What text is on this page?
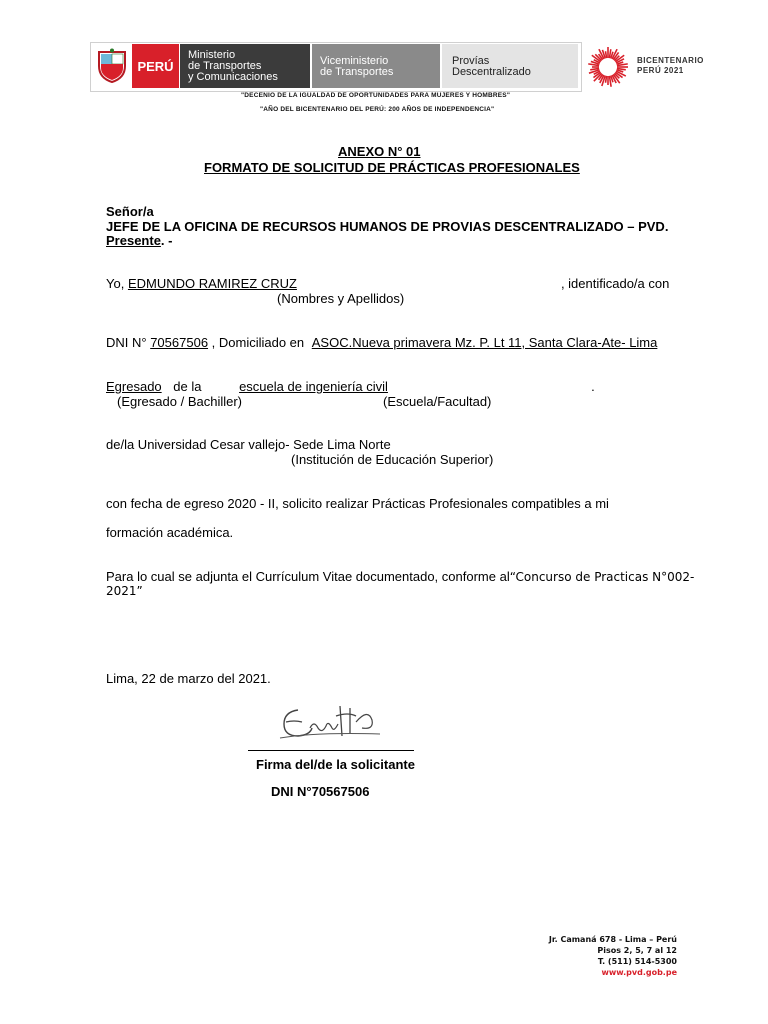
PERÚ
Ministerio
de Transportes
y Comunicaciones
Viceministerio
de Transportes
Provías
Descentralizado
BICENTENARIO
PERÚ 2021
"DECENIO DE LA IGUALDAD DE OPORTUNIDADES PARA MUJERES Y HOMBRES"
"AÑO DEL BICENTENARIO DEL PERÚ: 200 AÑOS DE INDEPENDENCIA"
ANEXO N° 01
FORMATO DE SOLICITUD DE PRÁCTICAS PROFESIONALES
Señor/a
JEFE DE LA OFICINA DE RECURSOS HUMANOS DE PROVIAS DESCENTRALIZADO – PVD.
Presente. -
Yo, EDMUNDO RAMIREZ CRUZ	, identificado/a con
(Nombres y Apellidos)
DNI N° 70567506 , Domiciliado en ASOC.Nueva primavera Mz. P. Lt 11, Santa Clara-Ate- Lima
Egresado de la	escuela de ingeniería civil	.
(Egresado / Bachiller)	(Escuela/Facultad)
de/la Universidad Cesar vallejo- Sede Lima Norte
(Institución de Educación Superior)
con fecha de egreso 2020 - II, solicito realizar Prácticas Profesionales compatibles a mi
formación académica.
Para lo cual se adjunta el Currículum Vitae documentado, conforme al“Concurso de Practicas N°002-
2021”
Lima, 22 de marzo del 2021.
Firma del/de la solicitante
DNI N°70567506
Jr. Camaná 678 - Lima – Perú
Pisos 2, 5, 7 al 12
T. (511) 514-5300
www.pvd.gob.pe
